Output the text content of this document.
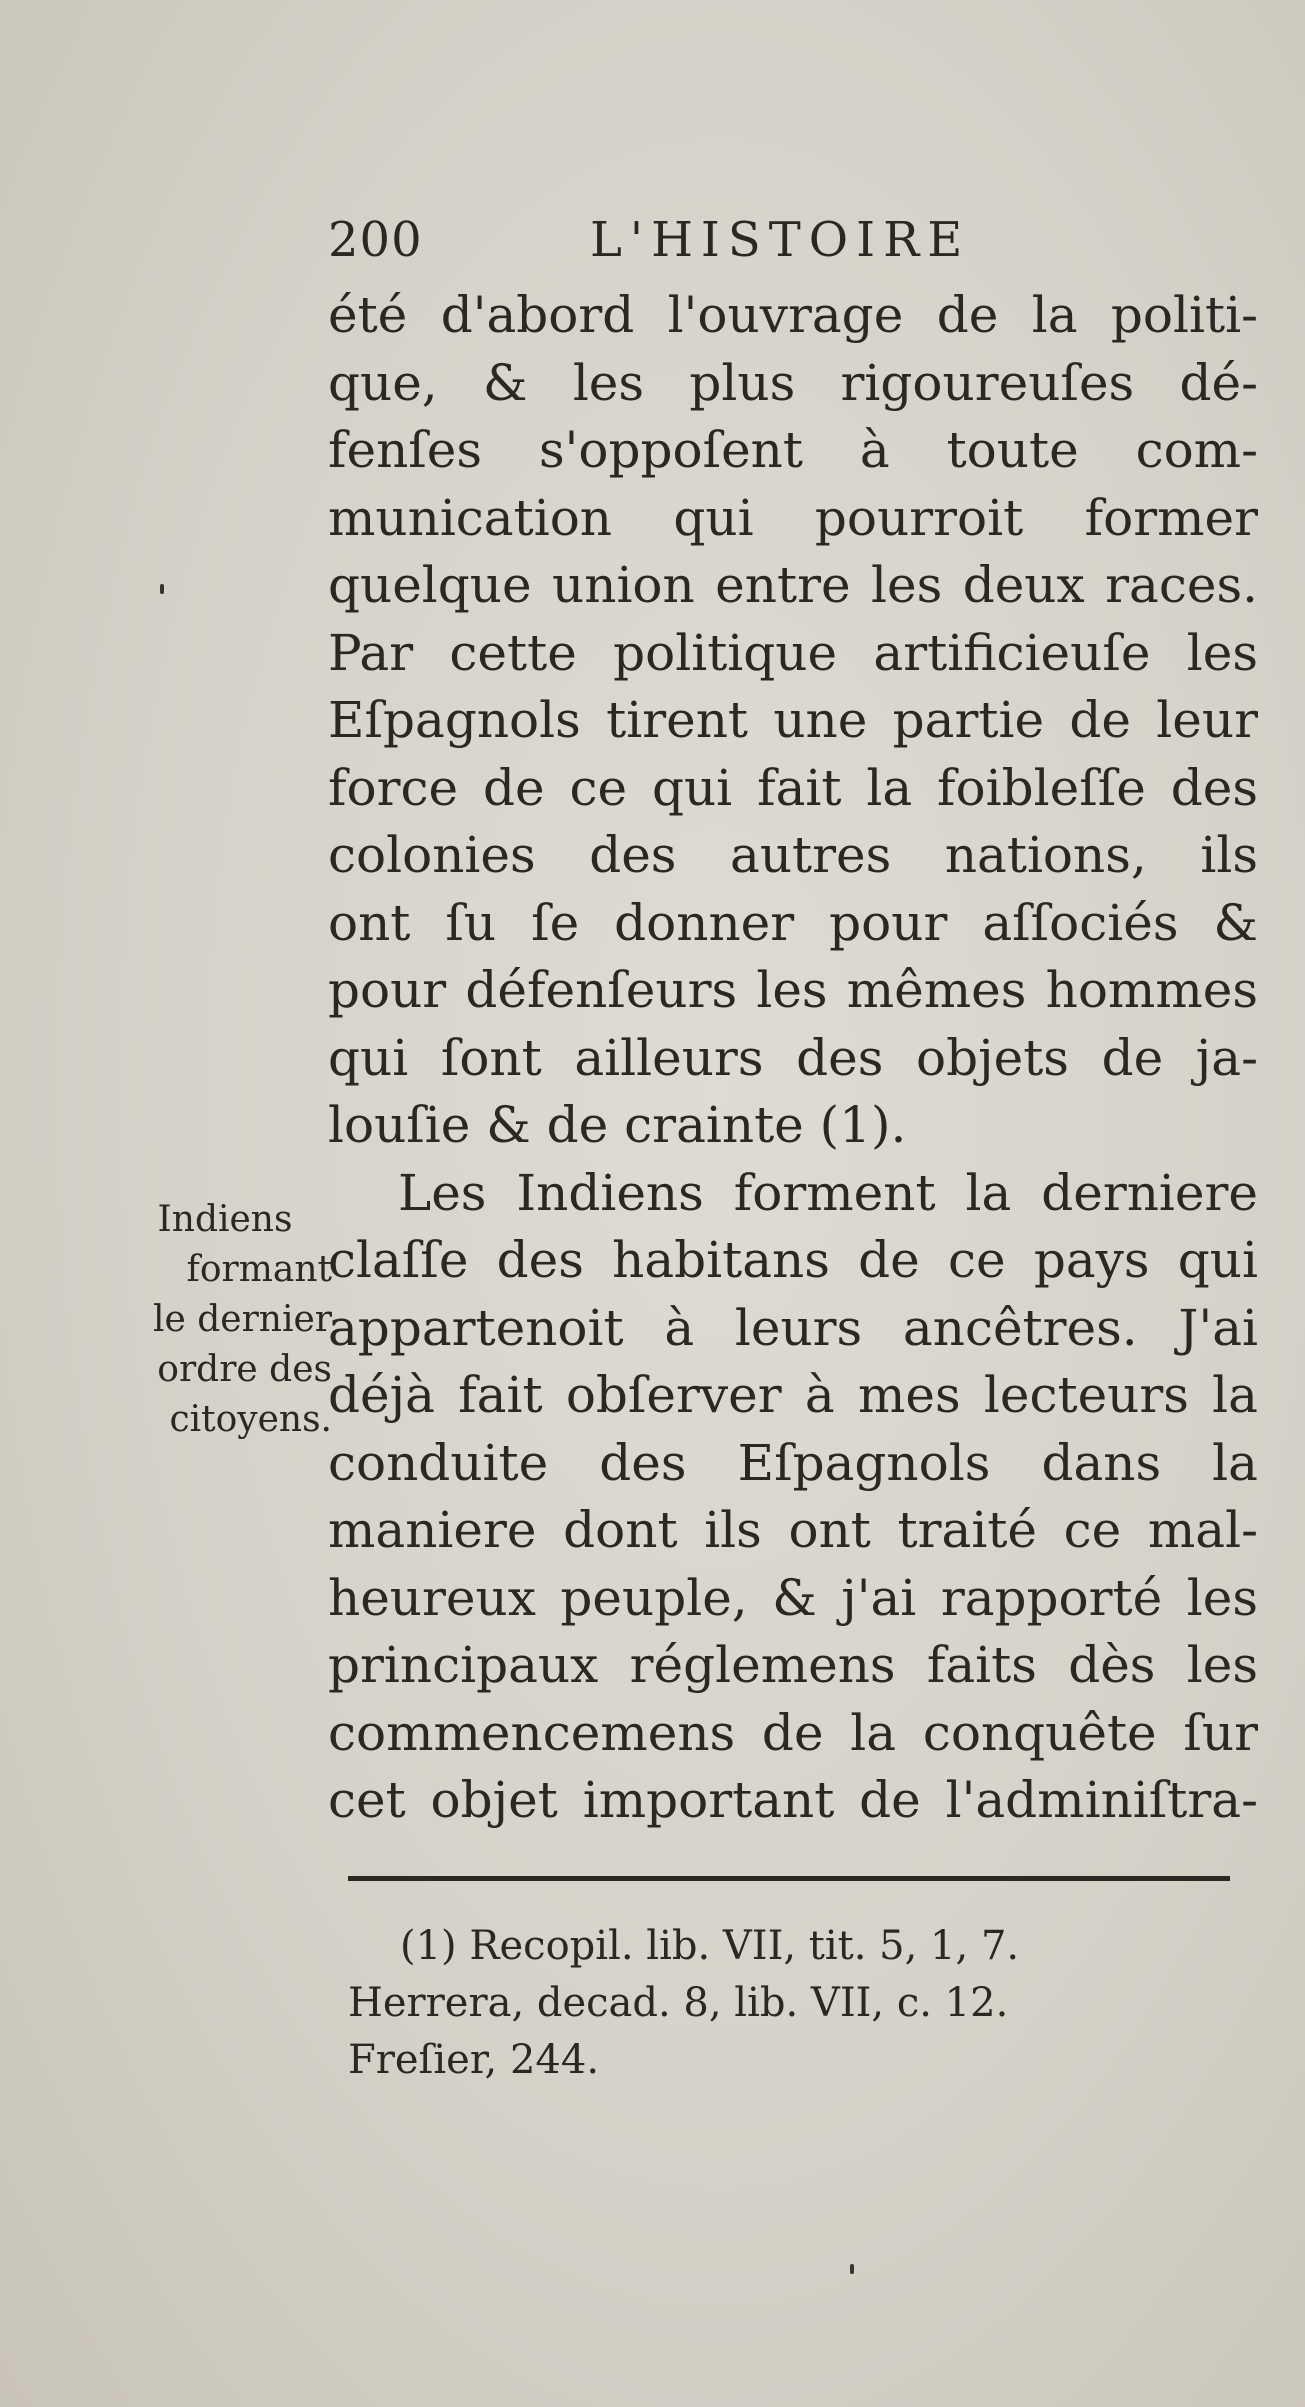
200	L'HISTOIRE
été d'abord l'ouvrage de la politi-
que, & les plus rigoureuſes dé-
fenſes s'oppoſent à toute com-
munication qui pourroit former
quelque union entre les deux races.
Par cette politique artificieuſe les
Eſpagnols tirent une partie de leur
force de ce qui fait la foibleſſe des
colonies des autres nations, ils
ont ſu ſe donner pour aſſociés &
pour défenſeurs les mêmes hommes
qui ſont ailleurs des objets de ja-
louſie & de crainte (1).
Les Indiens forment la derniere
claſſe des habitans de ce pays qui
appartenoit à leurs ancêtres. J'ai
déjà fait obſerver à mes lecteurs la
conduite des Eſpagnols dans la
maniere dont ils ont traité ce mal-
heureux peuple, & j'ai rapporté les
principaux réglemens faits dès les
commencemens de la conquête ſur
cet objet important de l'adminiſtra-
Indiens
formant
le dernier
ordre des
citoyens.
(1) Recopil. lib. VII, tit. 5, 1, 7.
Herrera, decad. 8, lib. VII, c. 12.
Freſier, 244.
